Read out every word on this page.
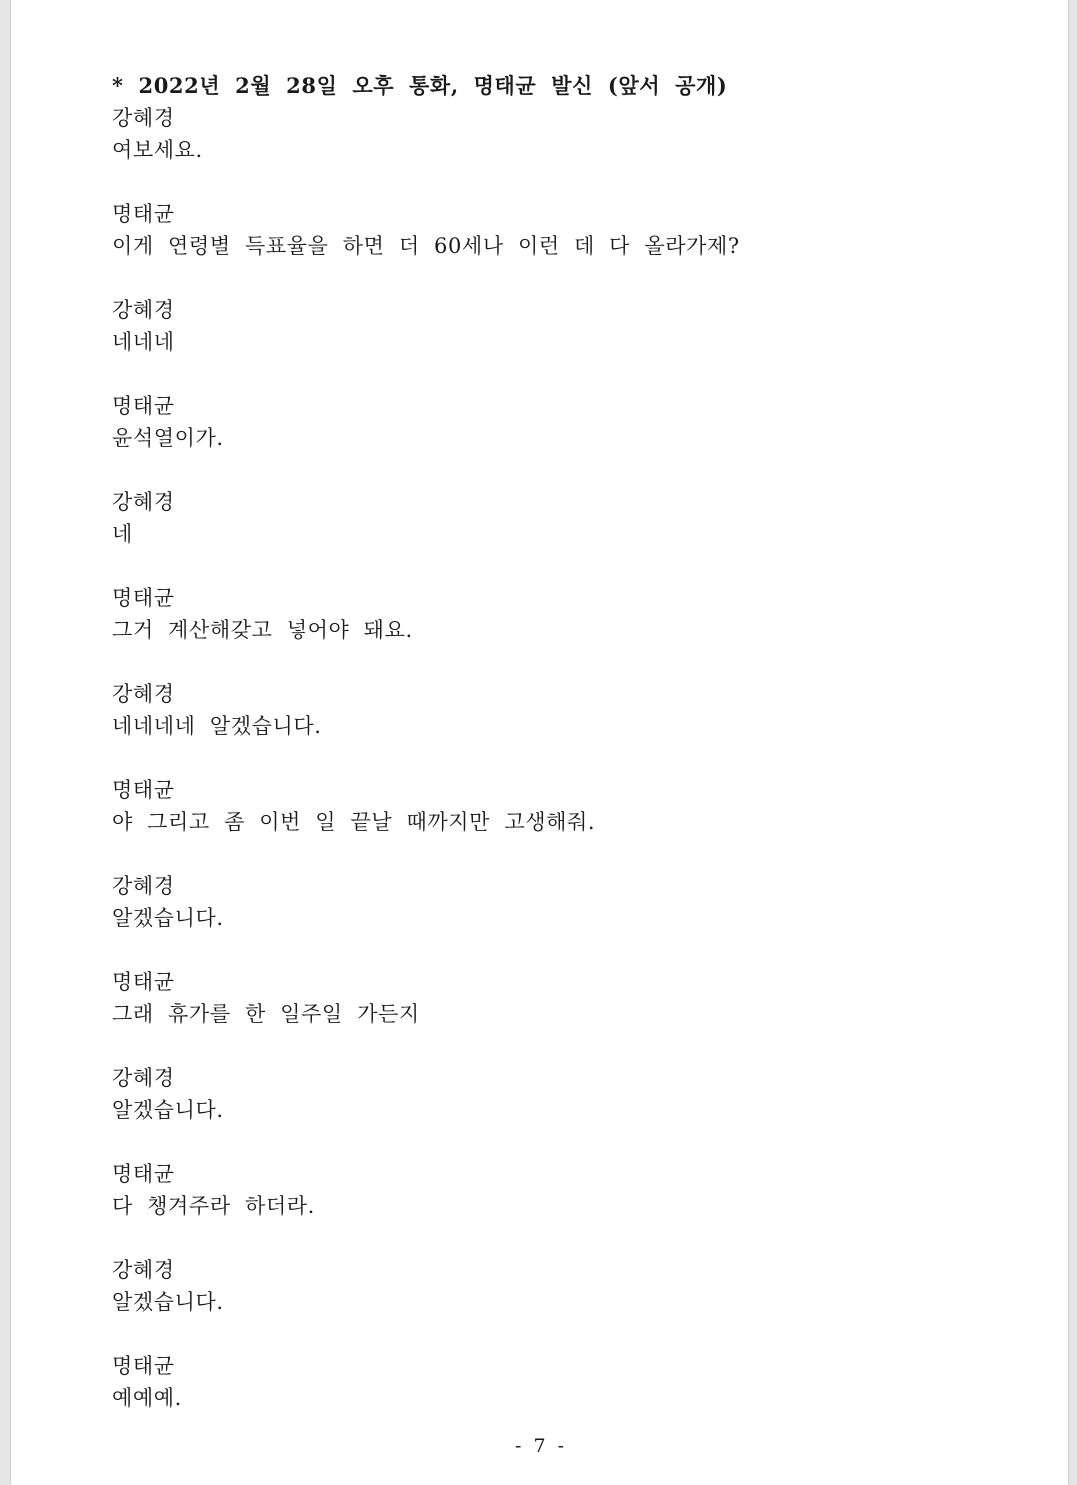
* 2022년 2월 28일 오후 통화, 명태균 발신 (앞서 공개)
강혜경
여보세요.
명태균
이게 연령별 득표율을 하면 더 60세나 이런 데 다 올라가제?
강혜경
네네네
명태균
윤석열이가.
강혜경
네
명태균
그거 계산해갖고 넣어야 돼요.
강혜경
네네네네 알겠습니다.
명태균
야 그리고 좀 이번 일 끝날 때까지만 고생해줘.
강혜경
알겠습니다.
명태균
그래 휴가를 한 일주일 가든지
강혜경
알겠습니다.
명태균
다 챙겨주라 하더라.
강혜경
알겠습니다.
명태균
예예예.
- 7 -
